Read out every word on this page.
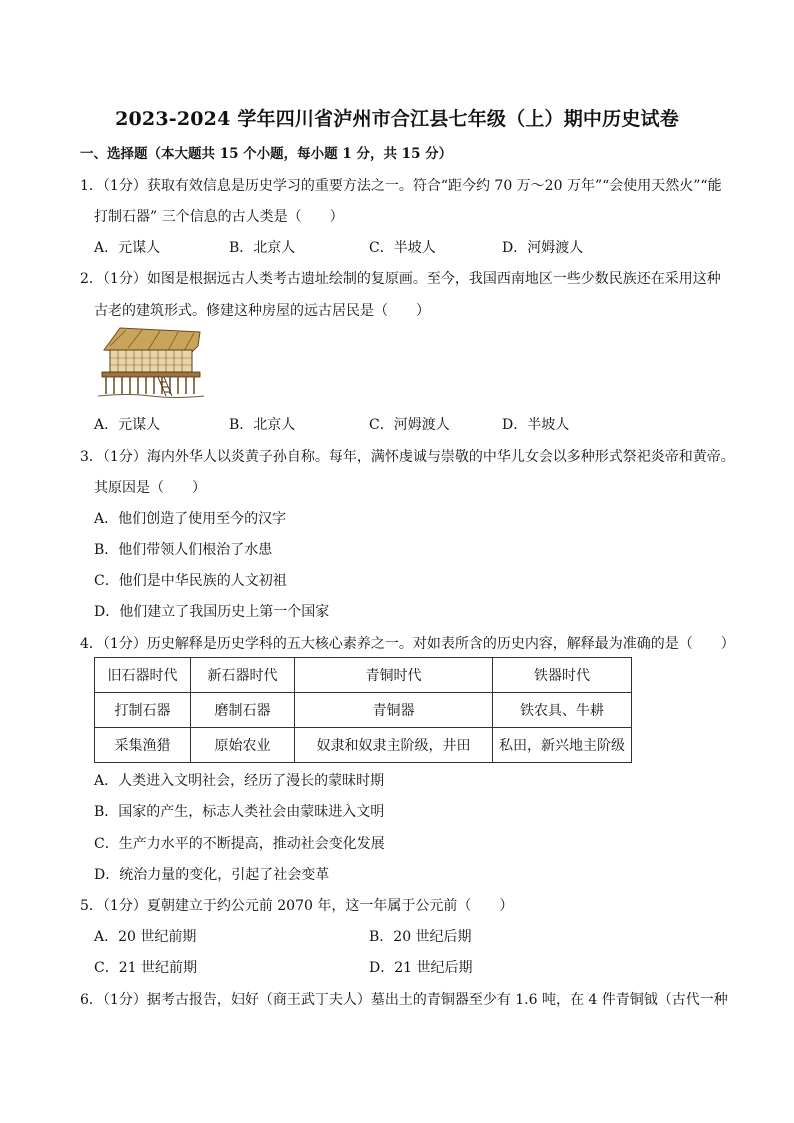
2023-2024 学年四川省泸州市合江县七年级（上）期中历史试卷
一、选择题（本大题共 15 个小题，每小题 1 分，共 15 分）
1．（1分）获取有效信息是历史学习的重要方法之一。符合“距今约 70 万～20 万年”“会使用天然火”“能
打制石器” 三个信息的古人类是（　　）
A．元谋人	B．北京人	C．半坡人	D．河姆渡人
2．（1分）如图是根据远古人类考古遗址绘制的复原画。至今，我国西南地区一些少数民族还在采用这种
古老的建筑形式。修建这种房屋的远古居民是（　　）
A．元谋人	B．北京人	C．河姆渡人	D．半坡人
3．（1分）海内外华人以炎黄子孙自称。每年，满怀虔诚与崇敬的中华儿女会以多种形式祭祀炎帝和黄帝。
其原因是（　　）
A．他们创造了使用至今的汉字
B．他们带领人们根治了水患
C．他们是中华民族的人文初祖
D．他们建立了我国历史上第一个国家
4．（1分）历史解释是历史学科的五大核心素养之一。对如表所含的历史内容，解释最为准确的是（　　）
旧石器时代	新石器时代	青铜时代	铁器时代
打制石器	磨制石器	青铜器	铁农具、牛耕
采集渔猎	原始农业	奴隶和奴隶主阶级，井田	私田，新兴地主阶级
A．人类进入文明社会，经历了漫长的蒙昧时期
B．国家的产生，标志人类社会由蒙昧进入文明
C．生产力水平的不断提高，推动社会变化发展
D．统治力量的变化，引起了社会变革
5．（1分）夏朝建立于约公元前 2070 年，这一年属于公元前（　　）
A．20 世纪前期	B．20 世纪后期
C．21 世纪前期	D．21 世纪后期
6．（1分）据考古报告，妇好（商王武丁夫人）墓出土的青铜器至少有 1.6 吨，在 4 件青铜钺（古代一种
